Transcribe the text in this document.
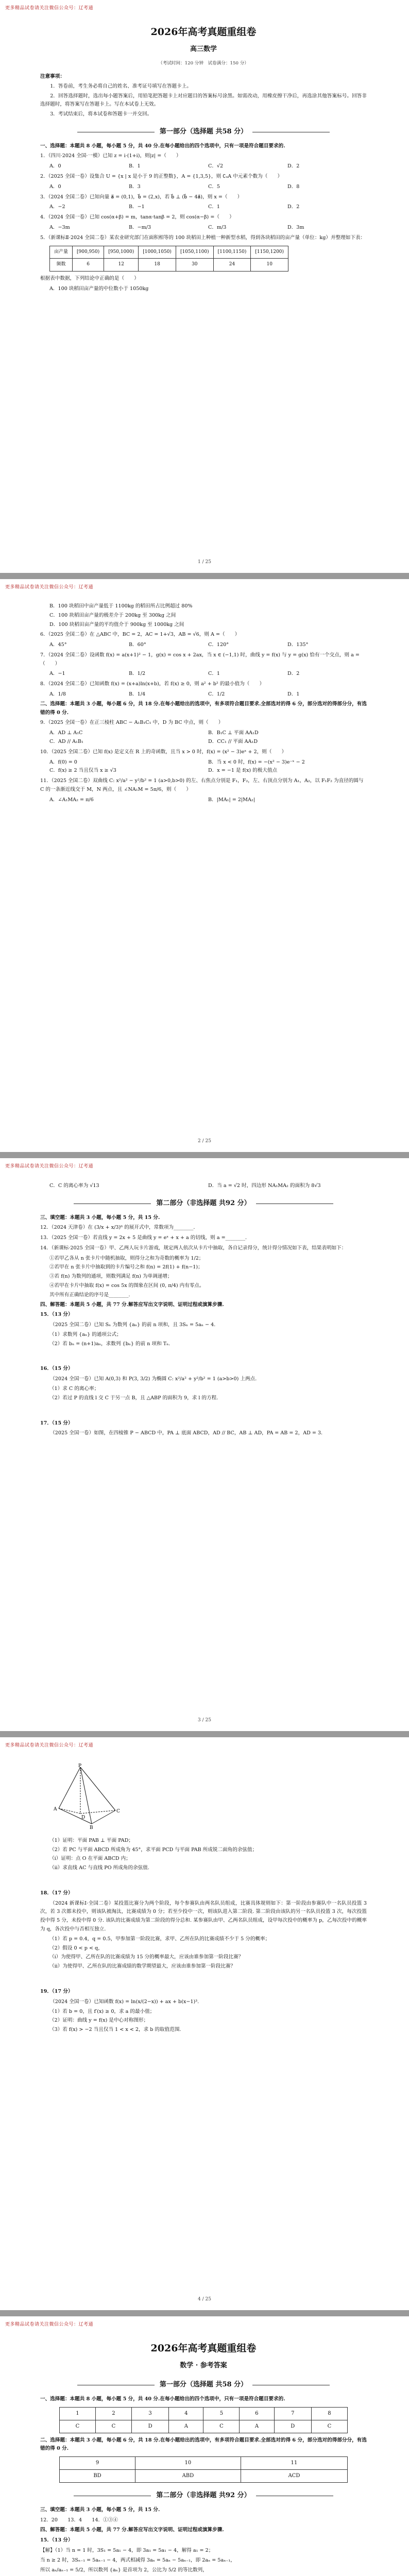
更多精品试卷请关注微信公众号：辽考通
2026年高考真题重组卷
高三数学
（考试时间：120 分钟　试卷满分：150 分）
注意事项：
1．答卷前，考生务必将自己的姓名、准考证号填写在答题卡上。
2．回答选择题时，选出每小题答案后，用铅笔把答题卡上对应题目的答案标号涂黑。如需改动，用橡皮擦干净后，再选涂其他答案标号。回答非选择题时，将答案写在答题卡上。写在本试卷上无效。
3．考试结束后，将本试卷和答题卡一并交回。
第一部分（选择题 共58 分）
一、选择题：本题共 8 小题，每小题 5 分，共 40 分.在每小题给出的四个选项中，只有一项是符合题目要求的.
1．（四川·2024 全国·一模）已知 z = i·(1+i)，则|z| =（　　）
A．0	B．1	C．√2	D．2
2．（2025 全国一卷）设集合 U = {x | x 是小于 9 的正整数}，A = {1,3,5}，则 ∁ᵤA 中元素个数为（　　）
A．0	B．3	C．5	D．8
3．（2024 全国二卷）已知向量 a⃗ = (0,1)，b⃗ = (2,x)，若 b⃗ ⊥ (b⃗ − 4a⃗)，则 x =（　　）
A．−2	B．−1	C．1	D．2
4．（2024 全国一卷）已知 cos(α+β) = m，tanα·tanβ = 2，则 cos(α−β) =（　　）
A．−3m	B．−m/3	C．m/3	D．3m
5．（新课标Ⅱ·2024 全国二卷）某农业研究部门在面积相等的 100 块稻田上种植一种新型水稻，得到各块稻田的亩产量（单位：kg）并整理如下表：
亩产量	[900,950)	[950,1000)	[1000,1050)	[1050,1100)	[1100,1150)	[1150,1200)
频数	6	12	18	30	24	10
根据表中数据，下列结论中正确的是（　　）
A．100 块稻田亩产量的中位数小于 1050kg
1 / 25
更多精品试卷请关注微信公众号：辽考通
B．100 块稻田中亩产量低于 1100kg 的稻田所占比例超过 80%
C．100 块稻田亩产量的极差介于 200kg 至 300kg 之间
D．100 块稻田亩产量的平均值介于 900kg 至 1000kg 之间
6．（2025 全国二卷）在 △ABC 中，BC = 2，AC = 1+√3，AB = √6，则 A =（　　）
A．45°	B．60°	C．120°	D．135°
7．（2024 全国二卷）设函数 f(x) = a(x+1)² − 1，g(x) = cos x + 2ax，当 x ∈ (−1,1) 时，曲线 y = f(x) 与 y = g(x) 恰有一个交点，则 a =（　　）
A．−1	B．1/2	C．1	D．2
8．（2024 全国二卷）已知函数 f(x) = (x+a)ln(x+b)，若 f(x) ≥ 0，则 a² + b² 的最小值为（　　）
A．1/8	B．1/4	C．1/2	D．1
二、选择题：本题共 3 小题，每小题 6 分，共 18 分.在每小题给出的选项中，有多项符合题目要求.全部选对的得 6 分，部分选对的得部分分，有选错的得 0 分.
9．（2025 全国一卷）在正三棱柱 ABC − A₁B₁C₁ 中，D 为 BC 中点，则（　　）
A．AD ⊥ A₁C	B．B₁C ⊥ 平面 AA₁D
C．AD // A₁B₁	D．CC₁ // 平面 AA₁D
10．（2025 全国二卷）已知 f(x) 是定义在 R 上的奇函数，且当 x > 0 时，f(x) = (x² − 3)eˣ + 2，则（　　）
A．f(0) = 0	B．当 x < 0 时，f(x) = −(x² − 3)e⁻ˣ − 2
C．f(x) ≥ 2 当且仅当 x ≥ √3	D．x = −1 是 f(x) 的极大值点
11．（2025 全国二卷）双曲线 C: x²/a² − y²/b² = 1 (a>0,b>0) 的左、右焦点分别是 F₁，F₂，左、右顶点分别为 A₁，A₂，以 F₁F₂ 为直径的圆与 C 的一条渐近线交于 M，N 两点，且 ∠NA₁M = 5π/6，则（　　）
A．∠A₁MA₂ = π/6	B．|MA₁| = 2|MA₂|
2 / 25
更多精品试卷请关注微信公众号：辽考通
C．C 的离心率为 √13	D．当 a = √2 时，四边形 NA₁MA₂ 的面积为 8√3
第二部分（非选择题 共92 分）
三、填空题：本题共 3 小题，每小题 5 分，共 15 分.
12．（2024 天津卷）在 (3/x + x/3)⁶ 的展开式中，常数项为________.
13．（2025 全国一卷）若直线 y = 2x + 5 是曲线 y = eˣ + x + a 的切线，则 a =________.
14．（新课标·2025 全国一卷）甲、乙两人玩卡片游戏，规定两人依次从卡片中抽取，各自记录得分，统计得分情况如下表，结果表明如下：
①若甲乙各从 n 张卡片中随机抽取，则得分之和为奇数的概率为 1/2；
②若甲在 n 张卡片中抽取到的卡片编号之和 f(n) = 2f(1) + f(n−1)；
③若 f(n) 为数列的通项，则数列满足 f(n) 为单调递增；
④若甲在卡片中抽取 f(x) = cos 5x 的图象在区间 (0, π/4) 内有零点。
其中所有正确结论的序号是________.
四、解答题：本题共 5 小题，共 77 分.解答应写出文字说明、证明过程或演算步骤.
15．（13 分）
（2025 全国二卷）已知 Sₙ 为数列 {aₙ} 的前 n 项和，且 3Sₙ = 5aₙ − 4.
（1）求数列 {aₙ} 的通项公式；
（2）若 bₙ = (n+1)aₙ，求数列 {bₙ} 的前 n 项和 Tₙ.
16．（15 分）
（2024 全国一卷）已知 A(0,3) 和 P(3, 3/2) 为椭圆 C: x²/a² + y²/b² = 1 (a>b>0) 上两点.
（1）求 C 的离心率；
（2）若过 P 的直线 l 交 C 于另一点 B，且 △ABP 的面积为 9，求 l 的方程.
17．（15 分）
（2025 全国一卷）如图，在四棱锥 P − ABCD 中，PA ⊥ 底面 ABCD，AD // BC，AB ⊥ AD，PA = AB = 2，AD = 3.
3 / 25
更多精品试卷请关注微信公众号：辽考通
P
A
B
C
D
（1）证明：平面 PAB ⊥ 平面 PAD；
（2）若 PC 与平面 ABCD 所成角为 45°，求平面 PCD 与平面 PAB 所成锐二面角的余弦值；
（i）证明：点 O 在平面 ABCD 内；
（ii）求直线 AC 与直线 PO 所成角的余弦值.
18．（17 分）
（2024 新课标Ⅰ·全国二卷）某投篮比赛分为两个阶段，每个参赛队由两名队员组成，比赛具体规则如下：第一阶段由参赛队中一名队员投篮 3 次，若 3 次都未投中，则该队被淘汰，比赛成绩为 0 分；若至少投中一次，则该队进入第二阶段. 第二阶段由该队的另一名队员投篮 3 次，每次投篮投中得 5 分，未投中得 0 分. 该队的比赛成绩为第二阶段的得分总和. 某参赛队由甲、乙两名队员组成，设甲每次投中的概率为 p，乙每次投中的概率为 q，各次投中与否相互独立.
（1）若 p = 0.4，q = 0.5，甲参加第一阶段比赛，求甲、乙所在队的比赛成绩不少于 5 分的概率；
（2）假设 0 < p < q，
（i）为使得甲、乙所在队的比赛成绩为 15 分的概率最大，应该由谁参加第一阶段比赛？
（ii）为使得甲、乙所在队的比赛成绩的数学期望最大，应该由谁参加第一阶段比赛？
19．（17 分）
（2024 全国一卷）已知函数 f(x) = ln(x/(2−x)) + ax + b(x−1)³.
（1）若 b = 0，且 f′(x) ≥ 0，求 a 的最小值；
（2）证明：曲线 y = f(x) 是中心对称图形；
（3）若 f(x) > −2 当且仅当 1 < x < 2，求 b 的取值范围.
4 / 25
更多精品试卷请关注微信公众号：辽考通
2026年高考真题重组卷
数学 · 参考答案
第一部分（选择题 共58 分）
一、选择题：本题共 8 小题，每小题 5 分，共 40 分.在每小题给出的四个选项中，只有一项是符合题目要求的.
1	2	3	4	5	6	7	8
C	C	D	A	C	A	D	C
二、选择题：本题共 3 小题，每小题 6 分，共 18 分.在每小题给出的选项中，有多项符合题目要求.全部选对的得 6 分，部分选对的得部分分，有选错的得 0 分.
9	10	11
BD	ABD	ACD
第二部分（非选择题 共92 分）
三、填空题：本题共 3 小题，每小题 5 分，共 15 分.
12．20　　13．4　　14．①③④
四、解答题：本题共 5 小题，共 77 分.解答应写出文字说明、证明过程或演算步骤.
15．（13 分）
【解】（1）当 n = 1 时，3S₁ = 5a₁ − 4，即 3a₁ = 5a₁ − 4，解得 a₁ = 2；
当 n ≥ 2 时，3Sₙ₋₁ = 5aₙ₋₁ − 4，两式相减得 3aₙ = 5aₙ − 5aₙ₋₁，即 2aₙ = 5aₙ₋₁，
所以 aₙ/aₙ₋₁ = 5/2，所以数列 {aₙ} 是首项为 2，公比为 5/2 的等比数列，
